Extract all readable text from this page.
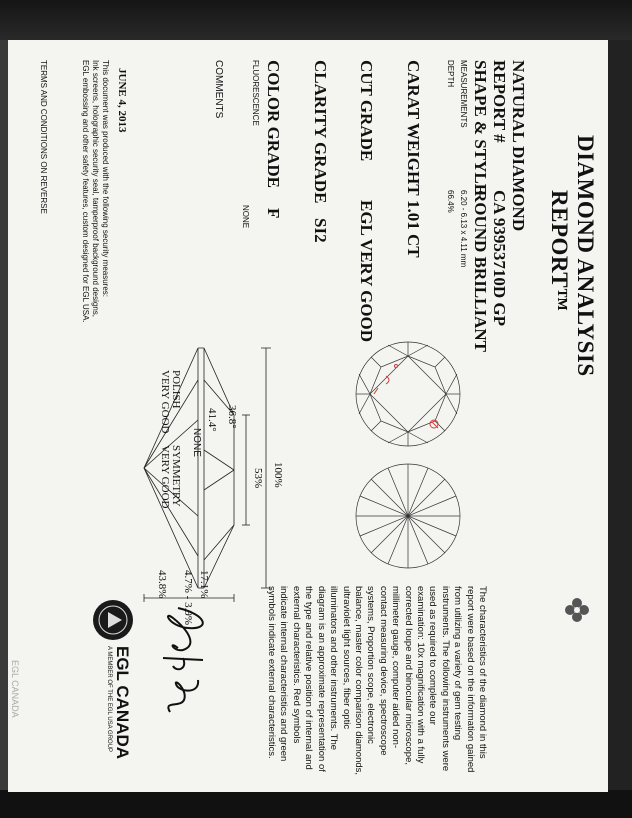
DIAMOND ANALYSIS
REPORT™
NATURAL DIAMOND
REPORT #
CA 93953710D GP
SHAPE & STYLE
ROUND BRILLIANT
MEASUREMENTS
6.20 - 6.13 x 4.11 mm
DEPTH
66.4%
CARAT WEIGHT
1.01 CT
CUT GRADE
EGL VERY GOOD
CLARITY GRADE
SI2
COLOR GRADE
F
FLUORESCENCE
NONE
COMMENTS
JUNE 4, 2013
This document was produced with the following security measures:
Ink screens, holographic security seal, tamperproof background designs,
EGL embossing and other safety features, custom designed for EGL USA.
TERMS AND CONDITIONS ON REVERSE
100%
53%
36.8°
41.4°
NONE
17.1%
4.7% - 3.9%
43.8%
POLISH
VERY GOOD
SYMMETRY
VERY GOOD
The characteristics of the diamond in this report were based on the information gained from utilizing a variety of gem testing instruments. The following instruments were used as required to complete our examination: 10x magnification with a fully corrected loupe and binocular microscope, millimeter gauge, computer aided non-contact measuring device, spectroscope systems, Proportion scope, electronic balance, master color comparison diamonds, ultraviolet light sources, fiber optic illuminators and other instruments. The diagram is an approximate representation of the type and relative position of internal and external characteristics. Red symbols indicate internal characteristics and green symbols indicate external characteristics.
EGL CANADA
A MEMBER OF THE EGL USA GROUP
EGL CANADA
